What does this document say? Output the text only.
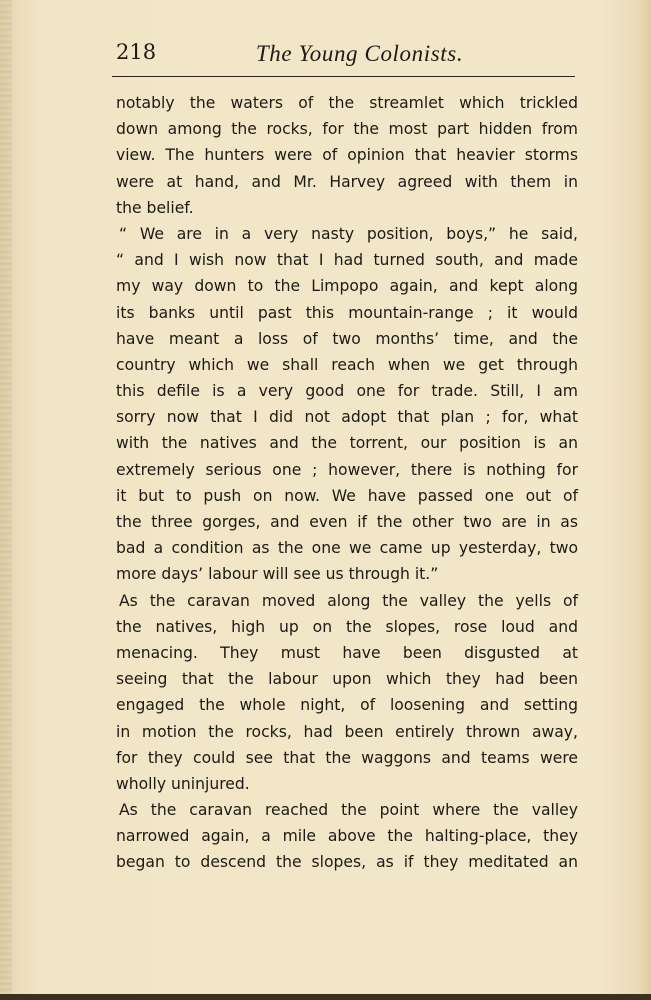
218	The Young Colonists.
notably the waters of the streamlet which trickled
down among the rocks, for the most part hidden from
view. The hunters were of opinion that heavier storms
were at hand, and Mr. Harvey agreed with them in
the belief.
“ We are in a very nasty position, boys,” he said,
“ and I wish now that I had turned south, and made
my way down to the Limpopo again, and kept along
its banks until past this mountain-range ; it would
have meant a loss of two months’ time, and the
country which we shall reach when we get through
this defile is a very good one for trade. Still, I am
sorry now that I did not adopt that plan ; for, what
with the natives and the torrent, our position is an
extremely serious one ; however, there is nothing for
it but to push on now. We have passed one out of
the three gorges, and even if the other two are in as
bad a condition as the one we came up yesterday, two
more days’ labour will see us through it.”
As the caravan moved along the valley the yells of
the natives, high up on the slopes, rose loud and
menacing. They must have been disgusted at
seeing that the labour upon which they had been
engaged the whole night, of loosening and setting
in motion the rocks, had been entirely thrown away,
for they could see that the waggons and teams were
wholly uninjured.
As the caravan reached the point where the valley
narrowed again, a mile above the halting-place, they
began to descend the slopes, as if they meditated an
